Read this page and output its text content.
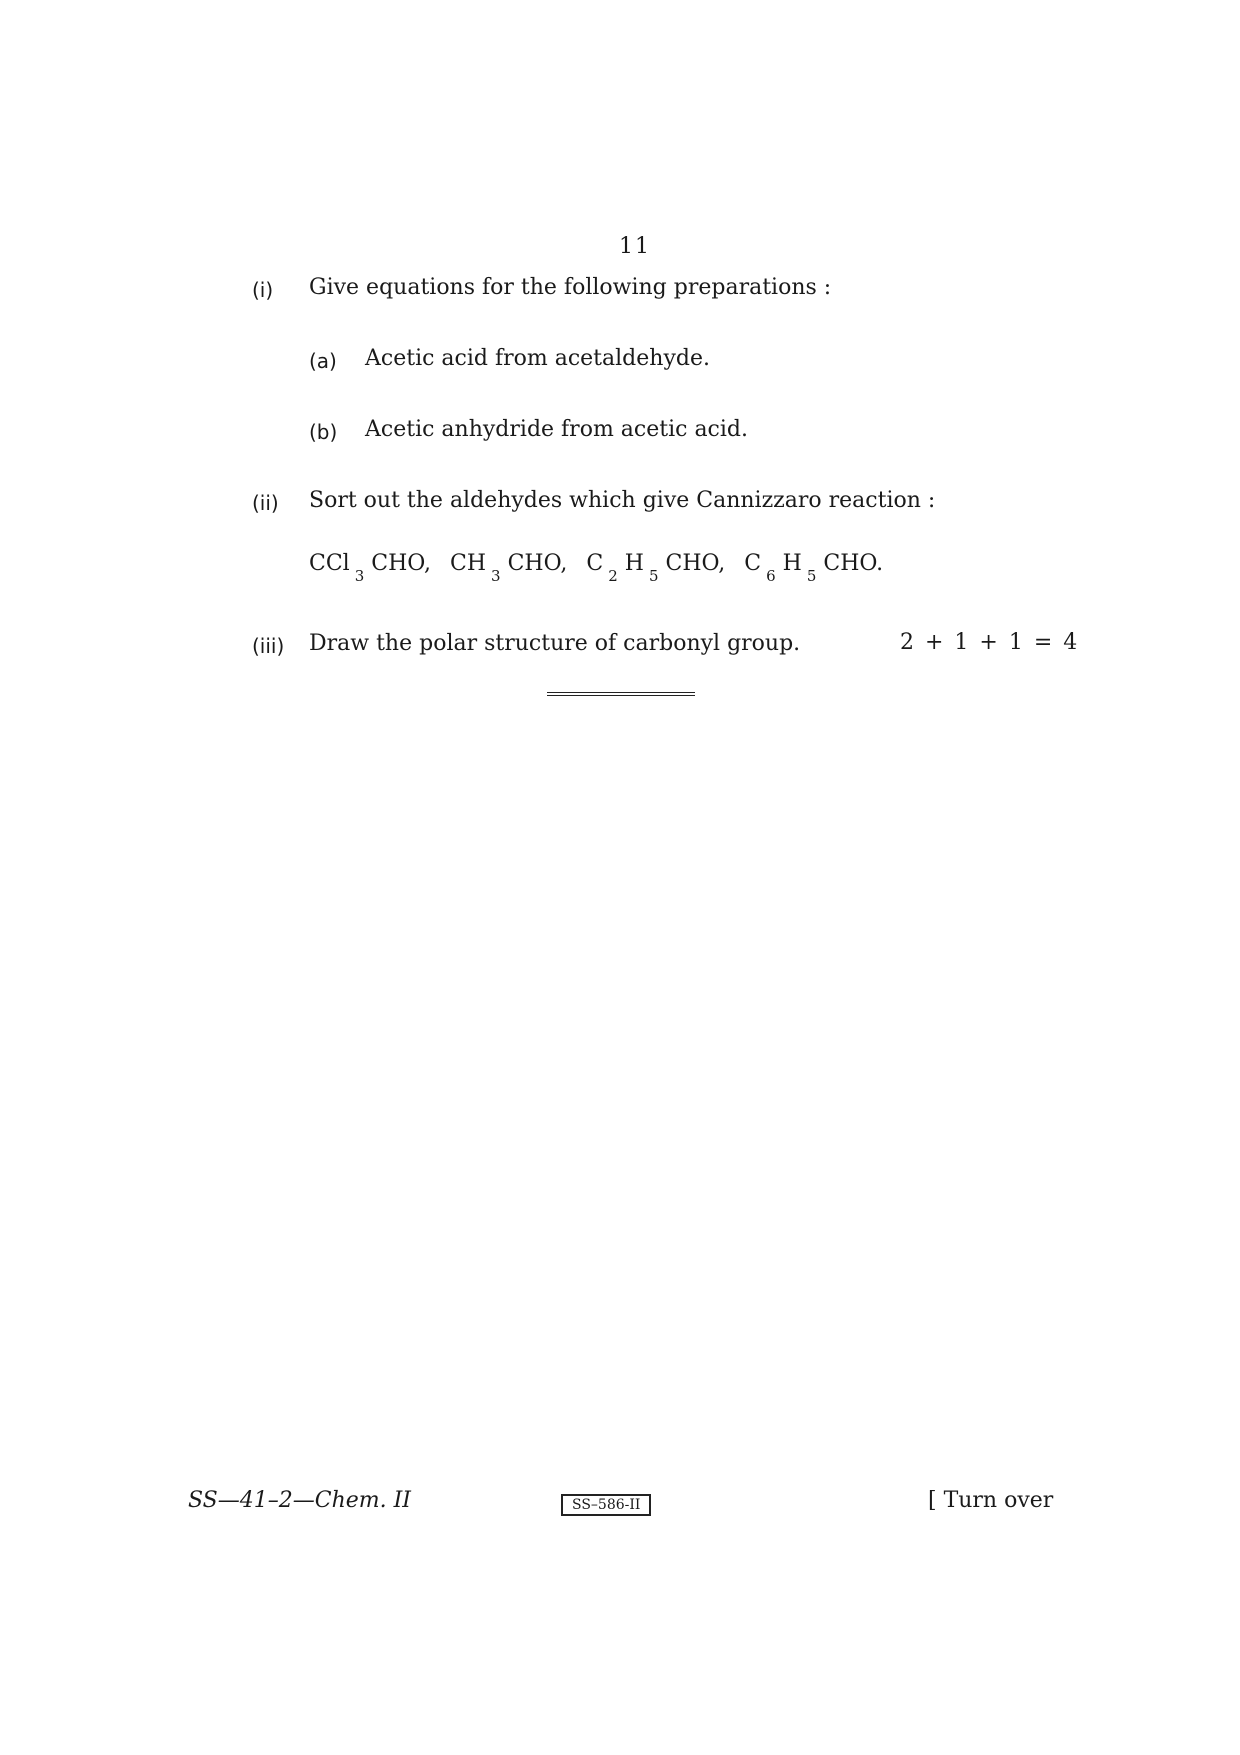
11
(i) Give equations for the following preparations :
(a) Acetic acid from acetaldehyde.
(b) Acetic anhydride from acetic acid.
(ii) Sort out the aldehydes which give Cannizzaro reaction :
CCl $_3$ CHO, CH $_3$ CHO, C $_2$ H $_5$ CHO, C $_6$ H $_5$ CHO.
(iii) Draw the polar structure of carbonyl group.	2 + 1 + 1 = 4
SS—41–2—Chem. II	SS–586-II	[ Turn over
